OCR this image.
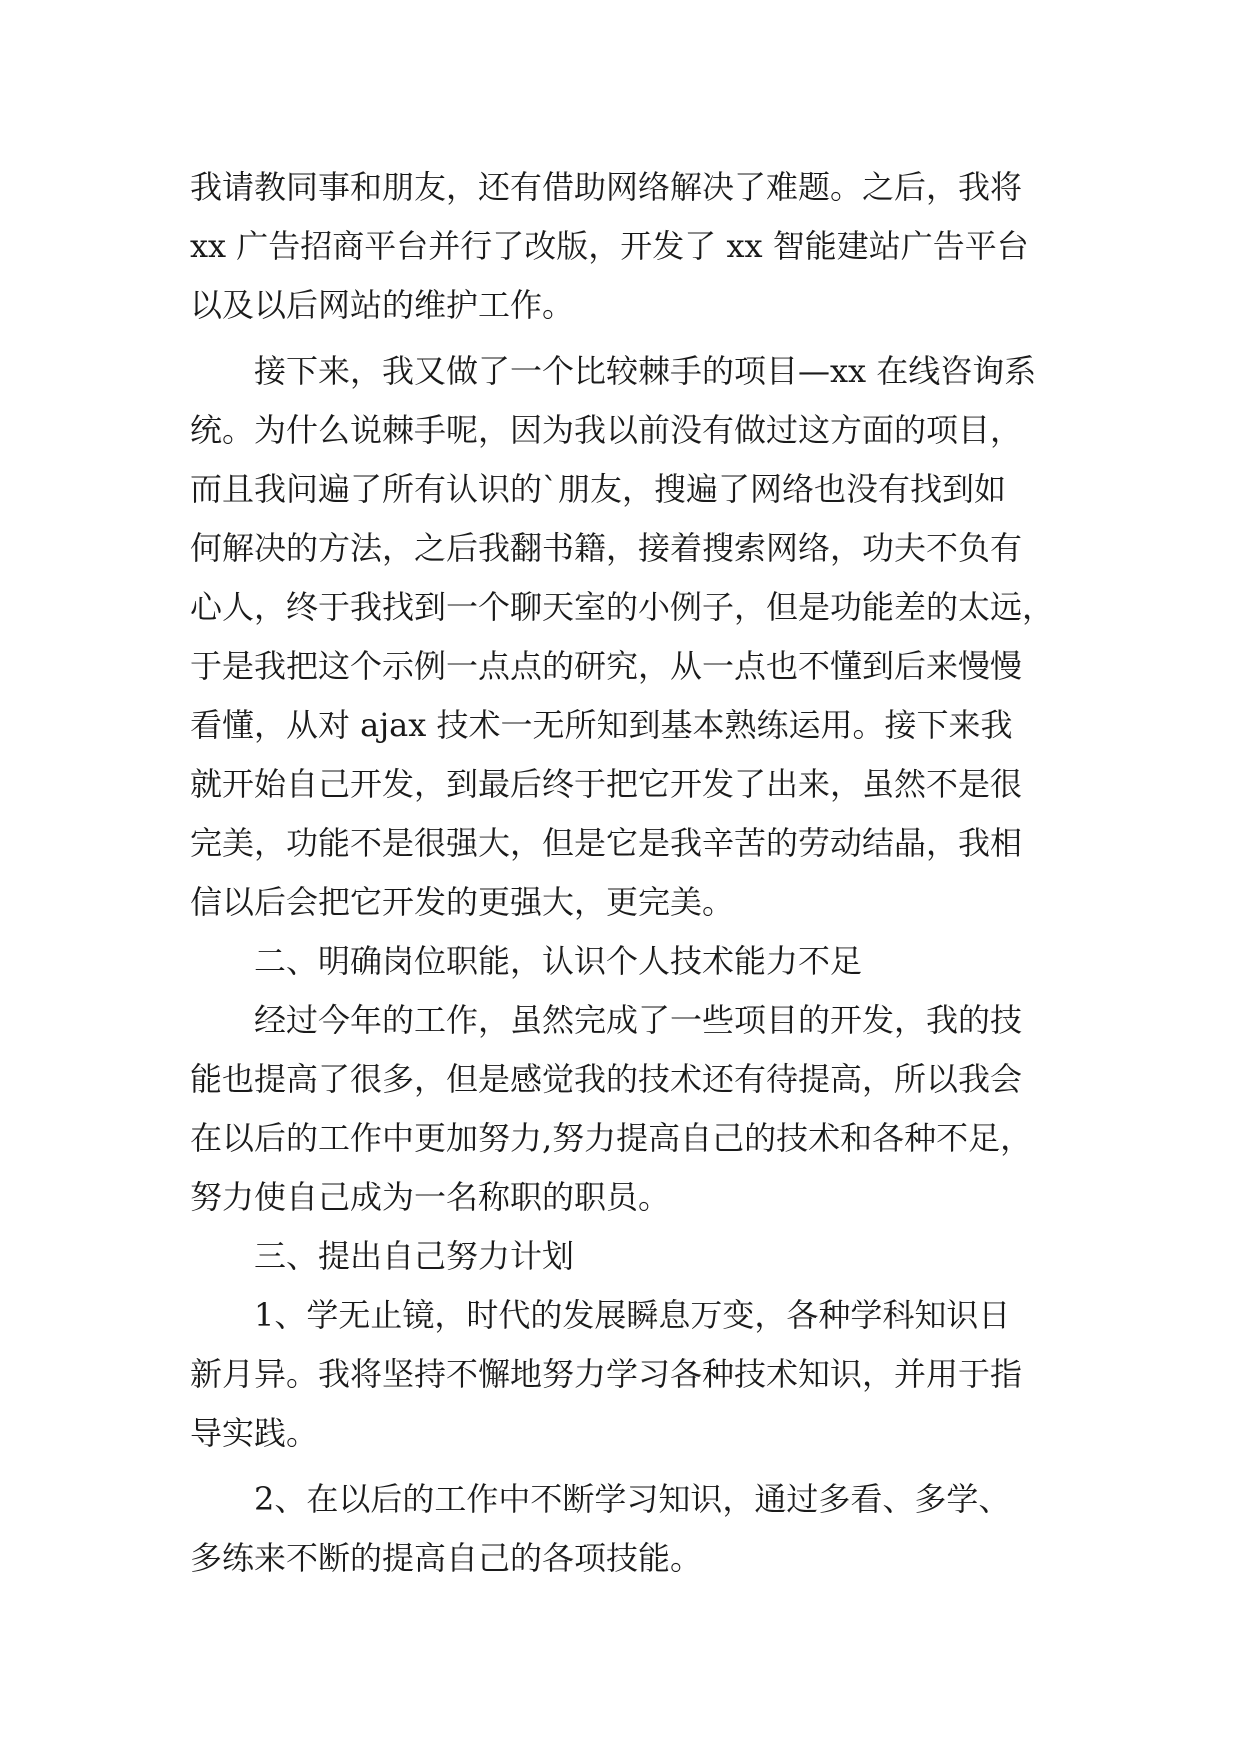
我请教同事和朋友，还有借助网络解决了难题。之后，我将
xx 广告招商平台并行了改版，开发了 xx 智能建站广告平台
以及以后网站的维护工作。
接下来，我又做了一个比较棘手的项目—xx 在线咨询系
统。为什么说棘手呢，因为我以前没有做过这方面的项目，
而且我问遍了所有认识的`朋友，搜遍了网络也没有找到如
何解决的方法，之后我翻书籍，接着搜索网络，功夫不负有
心人，终于我找到一个聊天室的小例子，但是功能差的太远，
于是我把这个示例一点点的研究，从一点也不懂到后来慢慢
看懂，从对 ajax 技术一无所知到基本熟练运用。接下来我
就开始自己开发，到最后终于把它开发了出来，虽然不是很
完美，功能不是很强大，但是它是我辛苦的劳动结晶，我相
信以后会把它开发的更强大，更完美。
二、明确岗位职能，认识个人技术能力不足
经过今年的工作，虽然完成了一些项目的开发，我的技
能也提高了很多，但是感觉我的技术还有待提高，所以我会
在以后的工作中更加努力,努力提高自己的技术和各种不足，
努力使自己成为一名称职的职员。
三、提出自己努力计划
1、学无止镜，时代的发展瞬息万变，各种学科知识日
新月异。我将坚持不懈地努力学习各种技术知识，并用于指
导实践。
2、在以后的工作中不断学习知识，通过多看、多学、
多练来不断的提高自己的各项技能。
